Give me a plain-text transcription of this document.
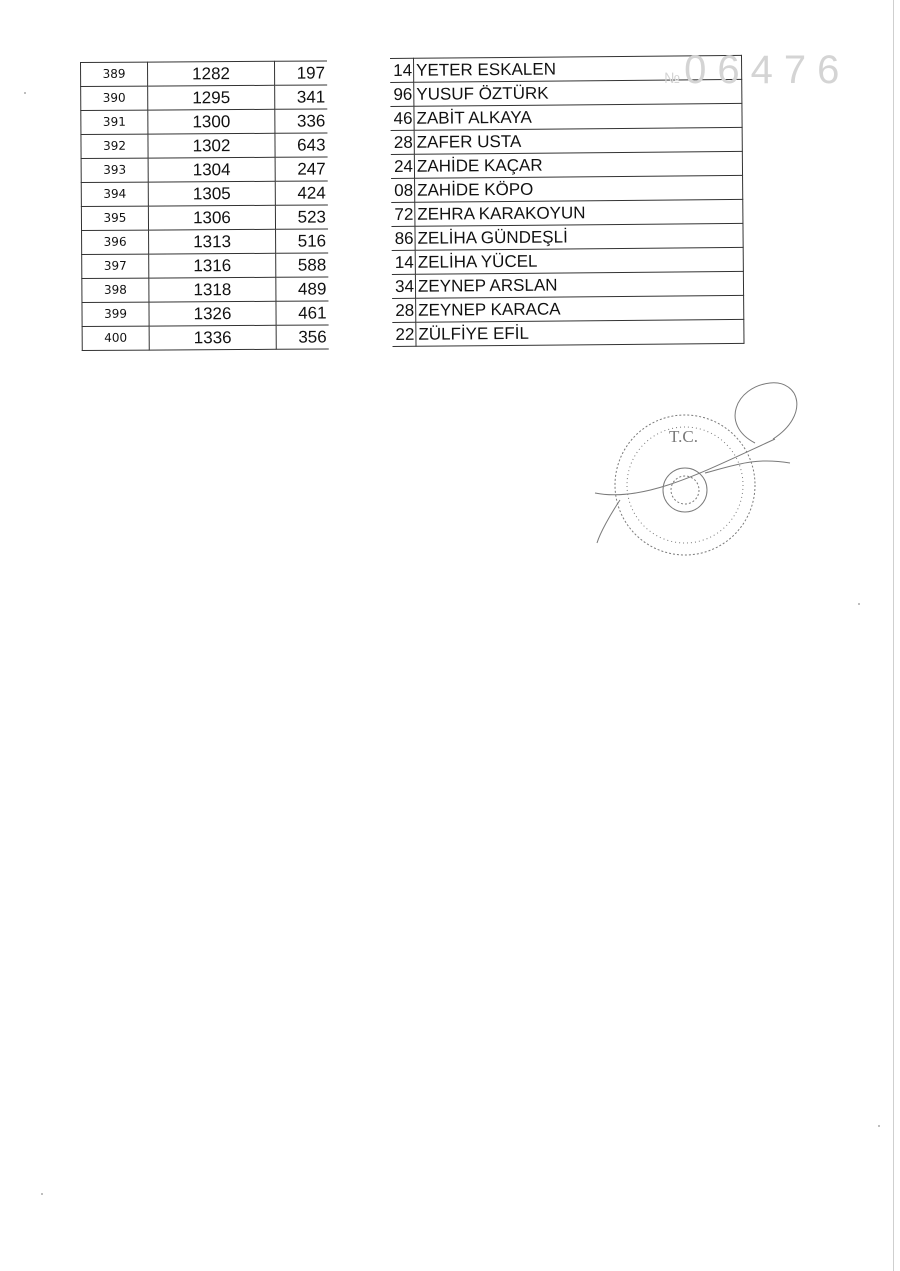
389	1282	197
390	1295	341
391	1300	336
392	1302	643
393	1304	247
394	1305	424
395	1306	523
396	1313	516
397	1316	588
398	1318	489
399	1326	461
400	1336	356
14	YETER ESKALEN
96	YUSUF ÖZTÜRK
46	ZABİT ALKAYA
28	ZAFER USTA
24	ZAHİDE KAÇAR
08	ZAHİDE KÖPO
72	ZEHRA KARAKOYUN
86	ZELİHA GÜNDEŞLİ
14	ZELİHA YÜCEL
34	ZEYNEP ARSLAN
28	ZEYNEP KARACA
22	ZÜLFİYE EFİL
№ 06476
T.C.
